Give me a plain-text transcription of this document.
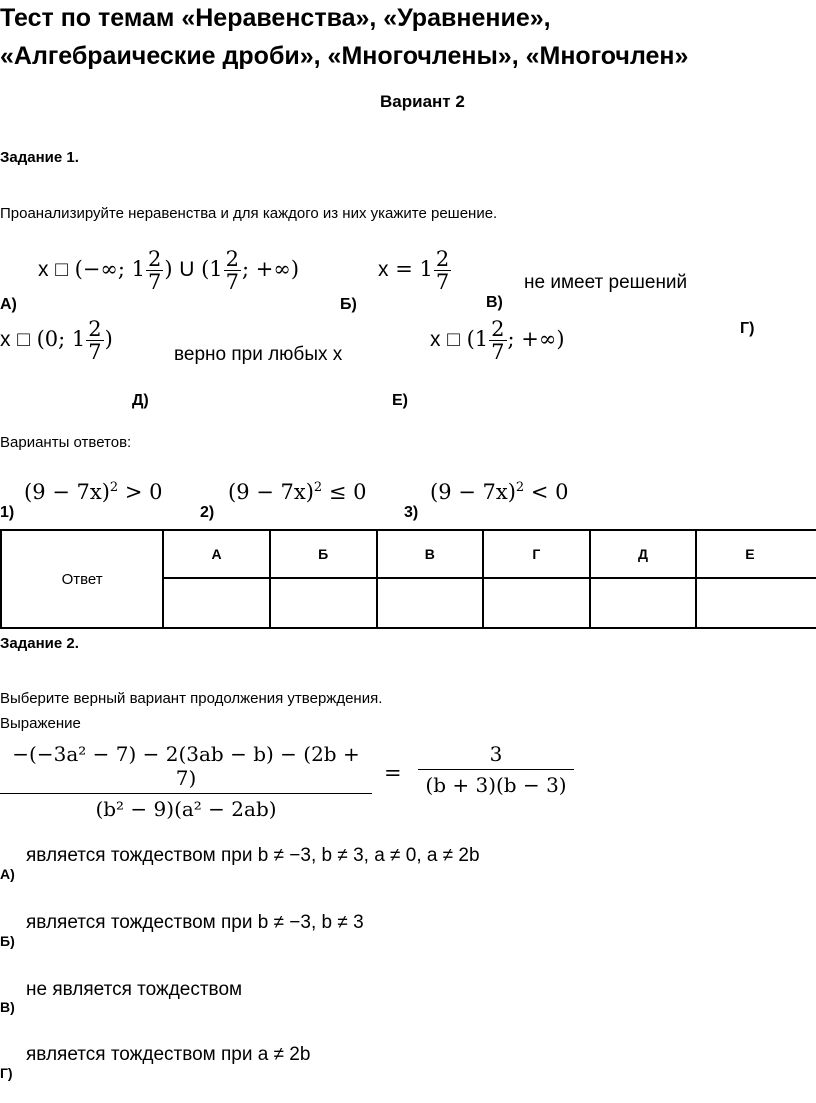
Тест по темам «Неравенства», «Уравнение»,
«Алгебраические дроби», «Многочлены», «Многочлен»
Вариант 2
Задание 1.
Проанализируйте неравенства и для каждого из них укажите решение.
x □ (−∞; $1 \frac{2}{7}$ ) U ($1 \frac{2}{7}$ ; +∞)
А)
$x = 1 \frac{2}{7}$
Б)
не имеет решений
В)
Г)
x □ (0; $1 \frac{2}{7}$ )
верно при любых x
x □ ($1 \frac{2}{7}$ ; +∞)
Д)	Е)
Варианты ответов:
$(9 - 7x)^2 > 0$
1)
$(9 - 7x)^2 \le 0$
2)
$(9 - 7x)^2 < 0$
3)
Ответ	А	Б	В	Г	Д	Е

Задание 2.
Выберите верный вариант продолжения утверждения.
Выражение
$\frac{\text{−(−3a² − 7) − 2(3ab − b) − (2b + 7)}}{\text{(b² − 9)(a² − 2ab)}} = \frac{3}{(b + 3)(b - 3)}$
является тождеством при b ≠ −3, b ≠ 3, a ≠ 0, a ≠ 2b
А)
является тождеством при b ≠ −3, b ≠ 3
Б)
не является тождеством
В)
является тождеством при a ≠ 2b
Г)
